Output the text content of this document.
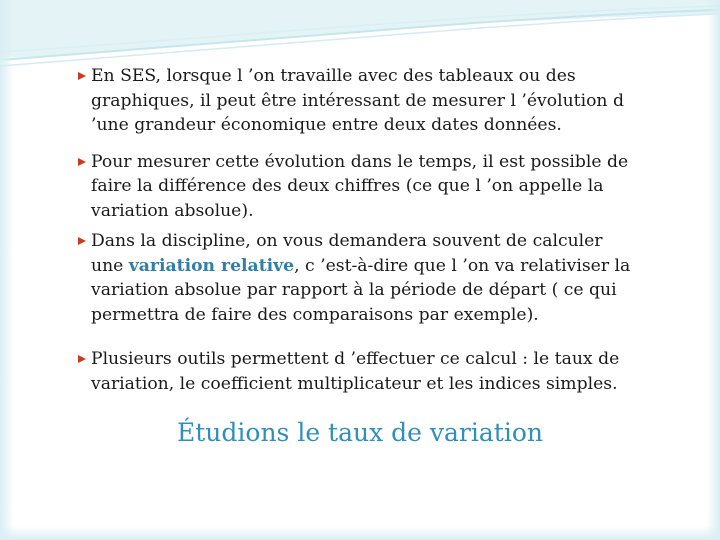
En SES, lorsque l ’on travaille avec des tableaux ou des graphiques, il peut être intéressant de mesurer l ’évolution d ’une grandeur économique entre deux dates données.
Pour mesurer cette évolution dans le temps, il est possible de faire la différence des deux chiffres (ce que l ’on appelle la variation absolue).
Dans la discipline, on vous demandera souvent de calculer une variation relative, c ’est-à-dire que l ’on va relativiser la variation absolue par rapport à la période de départ ( ce qui permettra de faire des comparaisons par exemple).
Plusieurs outils permettent d ’effectuer ce calcul : le taux de variation, le coefficient multiplicateur et les indices simples.
Étudions le taux de variation
